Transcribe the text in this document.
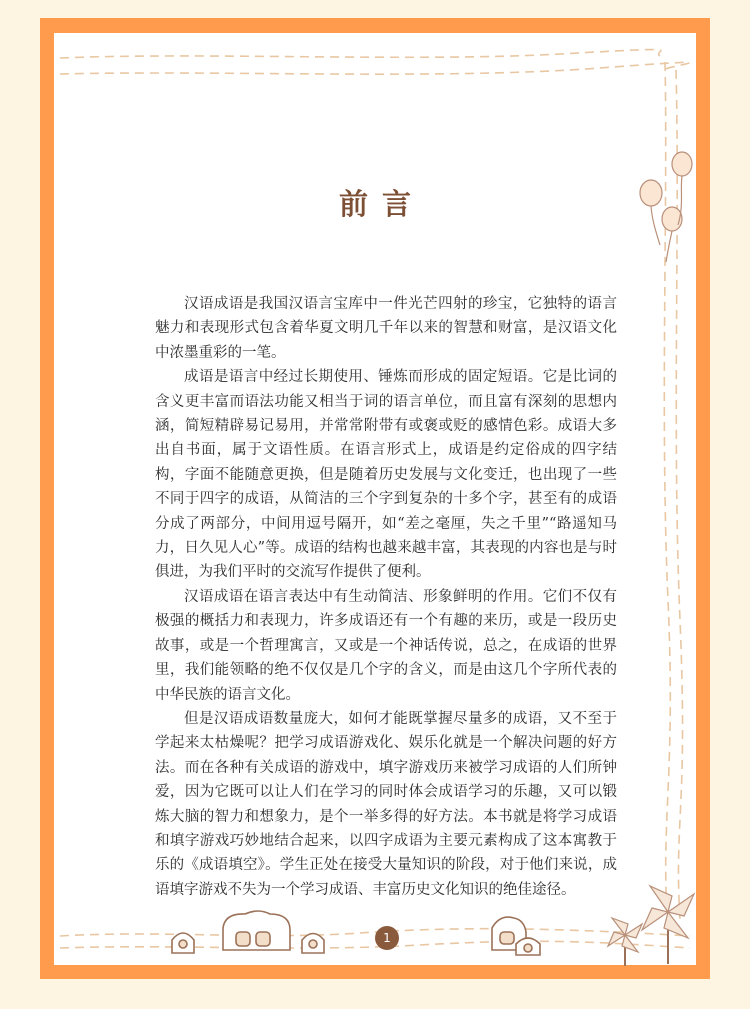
前言

汉语成语是我国汉语言宝库中一件光芒四射的珍宝，它独特的语言魅力和表现形式包含着华夏文明几千年以来的智慧和财富，是汉语文化中浓墨重彩的一笔。

成语是语言中经过长期使用、锤炼而形成的固定短语。它是比词的含义更丰富而语法功能又相当于词的语言单位，而且富有深刻的思想内涵，简短精辟易记易用，并常常附带有或褒或贬的感情色彩。成语大多出自书面，属于文语性质。在语言形式上，成语是约定俗成的四字结构，字面不能随意更换，但是随着历史发展与文化变迁，也出现了一些不同于四字的成语，从简洁的三个字到复杂的十多个字，甚至有的成语分成了两部分，中间用逗号隔开，如“差之毫厘，失之千里”“路遥知马力，日久见人心”等。成语的结构也越来越丰富，其表现的内容也是与时俱进，为我们平时的交流写作提供了便利。

汉语成语在语言表达中有生动简洁、形象鲜明的作用。它们不仅有极强的概括力和表现力，许多成语还有一个有趣的来历，或是一段历史故事，或是一个哲理寓言，又或是一个神话传说，总之，在成语的世界里，我们能领略的绝不仅仅是几个字的含义，而是由这几个字所代表的中华民族的语言文化。

但是汉语成语数量庞大，如何才能既掌握尽量多的成语，又不至于学起来太枯燥呢？把学习成语游戏化、娱乐化就是一个解决问题的好方法。而在各种有关成语的游戏中，填字游戏历来被学习成语的人们所钟爱，因为它既可以让人们在学习的同时体会成语学习的乐趣，又可以锻炼大脑的智力和想象力，是个一举多得的好方法。本书就是将学习成语和填字游戏巧妙地结合起来，以四字成语为主要元素构成了这本寓教于乐的《成语填空》。学生正处在接受大量知识的阶段，对于他们来说，成语填字游戏不失为一个学习成语、丰富历史文化知识的绝佳途径。

1
